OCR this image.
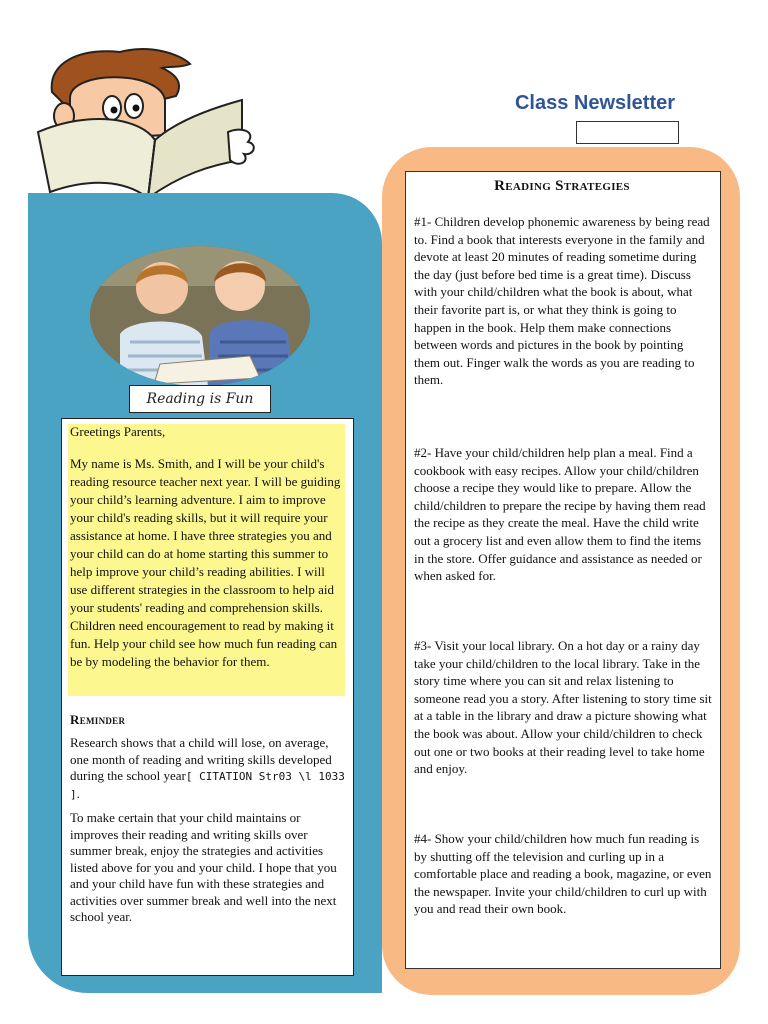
Class Newsletter
Reading is Fun
Greetings Parents,
My name is Ms. Smith, and I will be your child's reading resource teacher next year. I will be guiding your child’s learning adventure. I aim to improve your child's reading skills, but it will require your assistance at home. I have three strategies you and your child can do at home starting this summer to help improve your child’s reading abilities. I will use different strategies in the classroom to help aid your students' reading and comprehension skills. Children need encouragement to read by making it fun. Help your child see how much fun reading can be by modeling the behavior for them.
Reminder
Research shows that a child will lose, on average, one month of reading and writing skills developed during the school year[ CITATION Str03 \l 1033 ].
To make certain that your child maintains or improves their reading and writing skills over summer break, enjoy the strategies and activities listed above for you and your child. I hope that you and your child have fun with these strategies and activities over summer break and well into the next school year.
Reading Strategies
#1- Children develop phonemic awareness by being read to. Find a book that interests everyone in the family and devote at least 20 minutes of reading sometime during the day (just before bed time is a great time). Discuss with your child/children what the book is about, what their favorite part is, or what they think is going to happen in the book. Help them make connections between words and pictures in the book by pointing them out. Finger walk the words as you are reading to them.
#2- Have your child/children help plan a meal. Find a cookbook with easy recipes. Allow your child/children choose a recipe they would like to prepare. Allow the child/children to prepare the recipe by having them read the recipe as they create the meal. Have the child write out a grocery list and even allow them to find the items in the store. Offer guidance and assistance as needed or when asked for.
#3- Visit your local library. On a hot day or a rainy day take your child/children to the local library. Take in the story time where you can sit and relax listening to someone read you a story. After listening to story time sit at a table in the library and draw a picture showing what the book was about. Allow your child/children to check out one or two books at their reading level to take home and enjoy.
#4- Show your child/children how much fun reading is by shutting off the television and curling up in a comfortable place and reading a book, magazine, or even the newspaper. Invite your child/children to curl up with you and read their own book.
